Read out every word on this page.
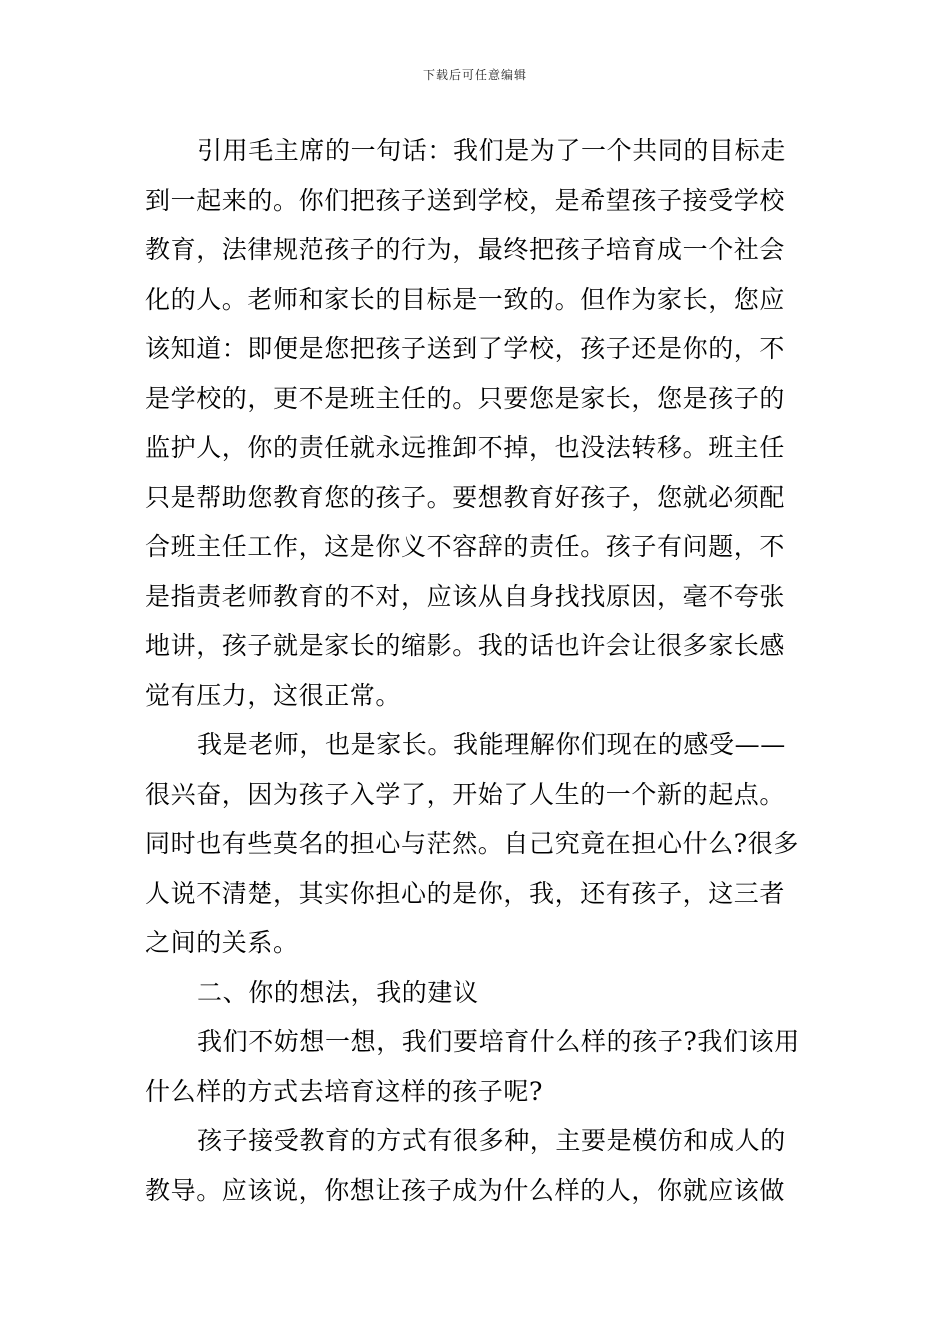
下载后可任意编辑
引用毛主席的一句话：我们是为了一个共同的目标走
到一起来的。你们把孩子送到学校，是希望孩子接受学校
教育，法律规范孩子的行为，最终把孩子培育成一个社会
化的人。老师和家长的目标是一致的。但作为家长，您应
该知道：即便是您把孩子送到了学校，孩子还是你的，不
是学校的，更不是班主任的。只要您是家长，您是孩子的
监护人，你的责任就永远推卸不掉，也没法转移。班主任
只是帮助您教育您的孩子。要想教育好孩子，您就必须配
合班主任工作，这是你义不容辞的责任。孩子有问题，不
是指责老师教育的不对，应该从自身找找原因，毫不夸张
地讲，孩子就是家长的缩影。我的话也许会让很多家长感
觉有压力，这很正常。
我是老师，也是家长。我能理解你们现在的感受——
很兴奋，因为孩子入学了，开始了人生的一个新的起点。
同时也有些莫名的担心与茫然。自己究竟在担心什么?很多
人说不清楚，其实你担心的是你，我，还有孩子，这三者
之间的关系。
二、你的想法，我的建议
我们不妨想一想，我们要培育什么样的孩子?我们该用
什么样的方式去培育这样的孩子呢?
孩子接受教育的方式有很多种，主要是模仿和成人的
教导。应该说，你想让孩子成为什么样的人，你就应该做
